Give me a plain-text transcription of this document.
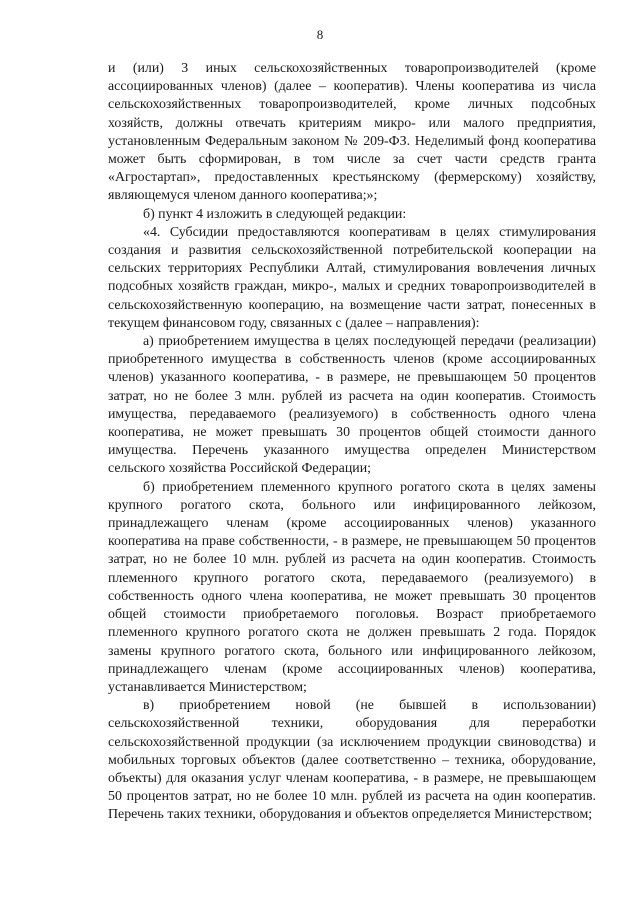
8

и (или) 3 иных сельскохозяйственных товаропроизводителей (кроме ассоциированных членов) (далее – кооператив). Члены кооператива из числа сельскохозяйственных товаропроизводителей, кроме личных подсобных хозяйств, должны отвечать критериям микро- или малого предприятия, установленным Федеральным законом № 209-ФЗ. Неделимый фонд кооператива может быть сформирован, в том числе за счет части средств гранта «Агростартап», предоставленных крестьянскому (фермерскому) хозяйству, являющемуся членом данного кооператива;»;

б) пункт 4 изложить в следующей редакции:

«4. Субсидии предоставляются кооперативам в целях стимулирования создания и развития сельскохозяйственной потребительской кооперации на сельских территориях Республики Алтай, стимулирования вовлечения личных подсобных хозяйств граждан, микро-, малых и средних товаропроизводителей в сельскохозяйственную кооперацию, на возмещение части затрат, понесенных в текущем финансовом году, связанных с (далее – направления):

а) приобретением имущества в целях последующей передачи (реализации) приобретенного имущества в собственность членов (кроме ассоциированных членов) указанного кооператива, - в размере, не превышающем 50 процентов затрат, но не более 3 млн. рублей из расчета на один кооператив. Стоимость имущества, передаваемого (реализуемого) в собственность одного члена кооператива, не может превышать 30 процентов общей стоимости данного имущества. Перечень указанного имущества определен Министерством сельского хозяйства Российской Федерации;

б) приобретением племенного крупного рогатого скота в целях замены крупного рогатого скота, больного или инфицированного лейкозом, принадлежащего членам (кроме ассоциированных членов) указанного кооператива на праве собственности, - в размере, не превышающем 50 процентов затрат, но не более 10 млн. рублей из расчета на один кооператив. Стоимость племенного крупного рогатого скота, передаваемого (реализуемого) в собственность одного члена кооператива, не может превышать 30 процентов общей стоимости приобретаемого поголовья. Возраст приобретаемого племенного крупного рогатого скота не должен превышать 2 года. Порядок замены крупного рогатого скота, больного или инфицированного лейкозом, принадлежащего членам (кроме ассоциированных членов) кооператива, устанавливается Министерством;

в) приобретением новой (не бывшей в использовании) сельскохозяйственной техники, оборудования для переработки сельскохозяйственной продукции (за исключением продукции свиноводства) и мобильных торговых объектов (далее соответственно – техника, оборудование, объекты) для оказания услуг членам кооператива, - в размере, не превышающем 50 процентов затрат, но не более 10 млн. рублей из расчета на один кооператив. Перечень таких техники, оборудования и объектов определяется Министерством;
